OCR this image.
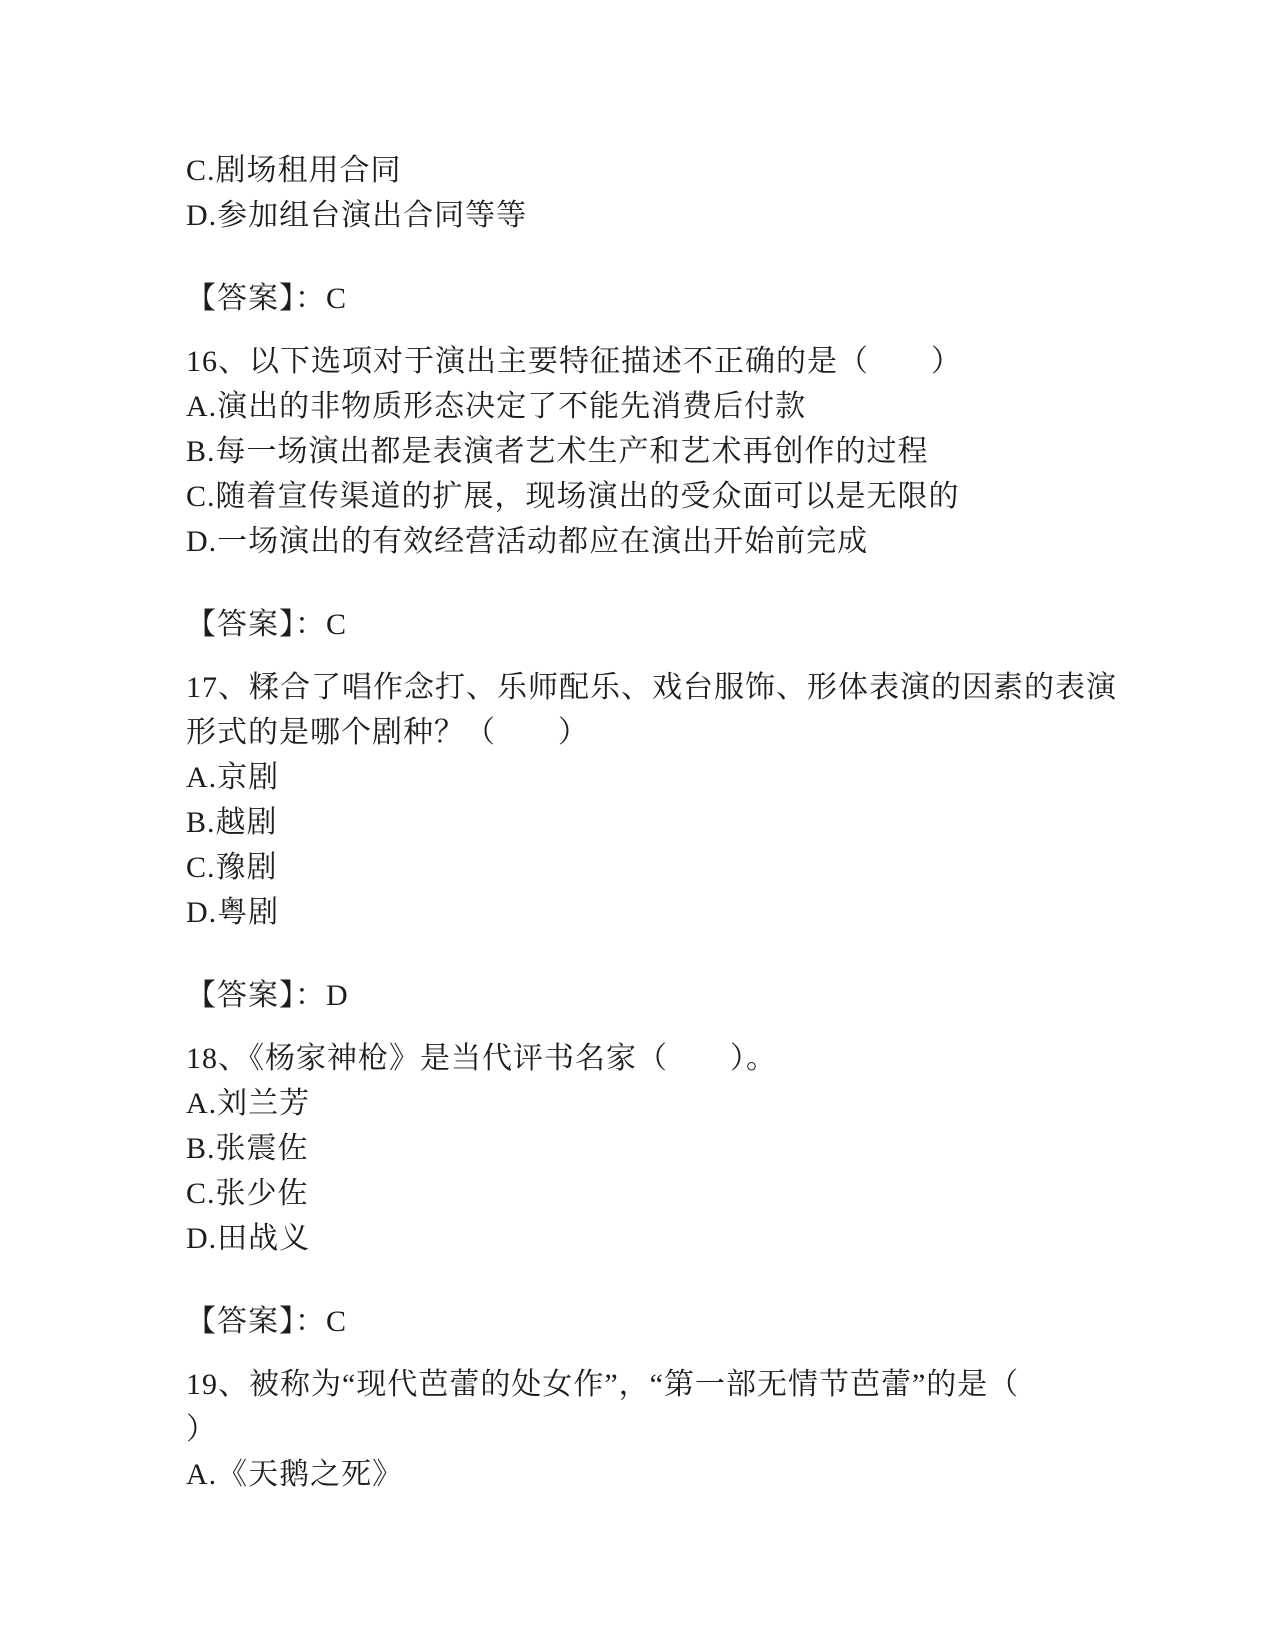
C.剧场租用合同
D.参加组台演出合同等等
【答案】：C
16、以下选项对于演出主要特征描述不正确的是（　　）
A.演出的非物质形态决定了不能先消费后付款
B.每一场演出都是表演者艺术生产和艺术再创作的过程
C.随着宣传渠道的扩展，现场演出的受众面可以是无限的
D.一场演出的有效经营活动都应在演出开始前完成
【答案】：C
17、糅合了唱作念打、乐师配乐、戏台服饰、形体表演的因素的表演
形式的是哪个剧种？（　　）
A.京剧
B.越剧
C.豫剧
D.粤剧
【答案】：D
18、《杨家神枪》是当代评书名家（　　）。
A.刘兰芳
B.张震佐
C.张少佐
D.田战义
【答案】：C
19、被称为“现代芭蕾的处女作”，“第一部无情节芭蕾”的是（
）
A.《天鹅之死》
